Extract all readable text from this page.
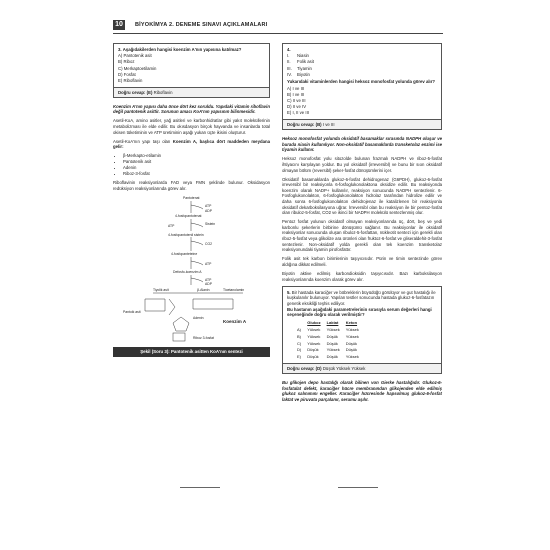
10	BİYOKİMYA 2. DENEME SINAVI AÇIKLAMALARI
3. Aşağıdakilerden hangisi koenzim A'nın yapısına katılmaz?
A) Pantotenik asit
B) Riboz
C) Merkaptoetilamin
D) Fosfat
E) Riboflavin
Doğru cevap: (E) Riboflavin

Koenzim A'nın yapısı daha önce dört kez soruldu. Yapıdaki vitamin riboflavin değil pantotenik asittir. Sorunun amacı KoA'nın yapısının bilinmesidir.

Asetil-KoA, amino asitler, yağ asitleri ve karbonhidratlar gibi yakıt moleküllerinin metabolizması ile elde edilir. Bu okısdasyon birçok hayvanda ve insanlarda total okisen tüketiminin ve ATP üretiminin aşağı yukarı üçte ikisini oluşturur.

Asetil-KoA'nın yapı taşı olan Koenzim A, başlıca dört maddeden meydana gelir:

• β-Merkapto-etilamin
• Pantotenik asit
• Adenin
• Riboz-3-fosfat

Riboflavinin reaksiyonlarda FAD veya FMN şeklinde bulunur. Oksidasyon redüksiyon reaksiyonlarında görev alır.

Pantotenat
ATP
ADP
4-fosfopantotenat
Sistein
ATP
4-fosfopantotenil sistein
CO2
4-fosfopanteteine
ATP
Defosfo-koenzim A
ATP
ADP
Tiyolik asit	β-Alanin	Tioetanolamin
Pantoik asit
Adenin
Koenzim A
Riboz 3-fosfat
Şekil (Soru 3): Pantotenik asitten KoA'nın sentezi
4.
I.	Niasin
II.	Folik asit
III.	Tiyamin
IV.	Biyotin
Yukarıdaki vitaminlerden hangisi heksoz monofosfat yolunda görev alır?
A) I ve III
B) I ve III
C) II ve III
D) II ve IV
E) I, II ve III
Doğru cevap: (B) I ve III

Heksoz monofosfat yolunda oksidatif basamaklar sırasında NADPH oluşur ve burada niasin kullanılıyor. Non-oksidatif basamaklarda transketolaz enzimi ise tiyamin kullanır.

Heksoz monofosfat yolu sitozolde bulunan frazmalı NADPH ve riboz-5-fosfat ihtiyacını karşılayan yoldur. Bu yol oksidatif (irreversibl) ve bunu bir sıon oksidatif olmayan bölüm (reversibl) şeker-fosfat dönüşümlerini içer.

Oksidatif basamaklarda glukoz-6-fosfat dehidrogenaz (G6PDH), glukoz-6-fosfat irreversibl bir reaksiyonla 6-fosfoglukonolaktona oksidize edilir. Bu reaksiyonda koenzim olarak NADP+ kullanılır, reaksiyon sonucunda NADPH sentezlenir. 6-Fosfoglukonolakton, 6-fosfoglukonolakton hidrolaz tarafından hidrolize edilir ve daha sonra 6-fosfoglukonolakton dehidrojenaz ile katalizlenen bir reaksiyonla oksidatif dekarboksilasyona uğrar. İrreversibl olan bu reaksiyon ile bir pentoz-fosfat olan ribuloz-5-fosfat, CO2 ve ikinci bir NADPH molekülü sentezlenmiş olur.

Pentoz fosfat yolunun oksidatif olmayan reaksiyonlarında üç, dört, beş ve yedi karbonlu şekerlerin birbirine dönüşümü sağlanır. Bu reaksiyonlar ile oksidatif reaksiyonlar sonucunda oluşan ribuloz-5-fosfattan, nükleotit sentezi için gerekli olan riboz-5-fosfat veya glikolize ara ürünleri olan fruktoz-6-fosfat ve gliseraldehit-3-fosfat sentezlenir. Non-oksidatif yolda gerekli olan tek koenzim transketolaz reaksiyonundaki tiyamin pirofosfattır.

Folik asit tek karbon birimlerinin taşıyıcısıdır. Pürin ve timin sentezinde görev aldığına dikkat edilmeli.

Biyotin aktive edilmiş karbondioksidin taşıyıcısıdır. Bazı karboksilasyon reaksiyonlarında koenzim olarak görev alır.

5. Bir hastada karaciğer ve böbreklerin büyüdüğü görülüyor ve gut hastalığı ile kuşkulanılır bulunuyor. Yapılan testler sonucunda hastada glukoz-6-fosfatazın genetik eksikliği teşhis ediliyor.
Bu hastanın aşağıdaki parametrelerinin sırasıyla serum değerleri hangi seçeneğinde doğru olarak verilmiştir?
	Glukoz	Laktat	Keton
A)	Yüksek	Yüksek	Yüksek
B)	Yüksek	Düşük	Yüksek
C)	Yüksek	Düşük	Düşük
D)	Düşük	Yüksek	Düşük
E)	Düşük	Düşük	Yüksek
Doğru cevap: (D) Düşük Yüksek Yüksek

Bu glikojen depo hastalığı olarak bilinen von Gierke hastalığıdır. Glukoz-6-fosfatalat defekt, karaciğer hücre membranından glikojenden elde edilmiş glukoz salınımını engeller. Karaciğer hücresinde hapsolmuş glukoz-6-fosfat laktat ve piruvata parçalanır, serumu aşılır.
